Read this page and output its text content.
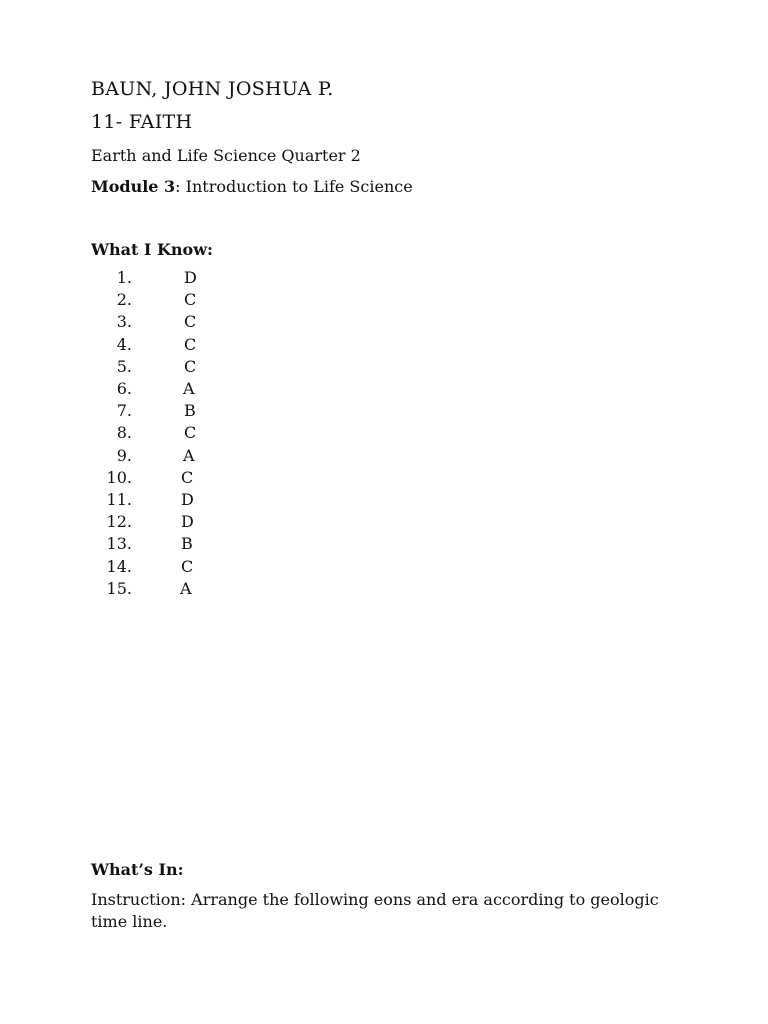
BAUN, JOHN JOSHUA P.
11- FAITH
Earth and Life Science Quarter 2
Module 3: Introduction to Life Science
What I Know:
1.	D
2.	C
3.	C
4.	C
5.	C
6.	A
7.	B
8.	C
9.	A
10.	C
11.	D
12.	D
13.	B
14.	C
15.	A
What’s In:
Instruction: Arrange the following eons and era according to geologic time line.
